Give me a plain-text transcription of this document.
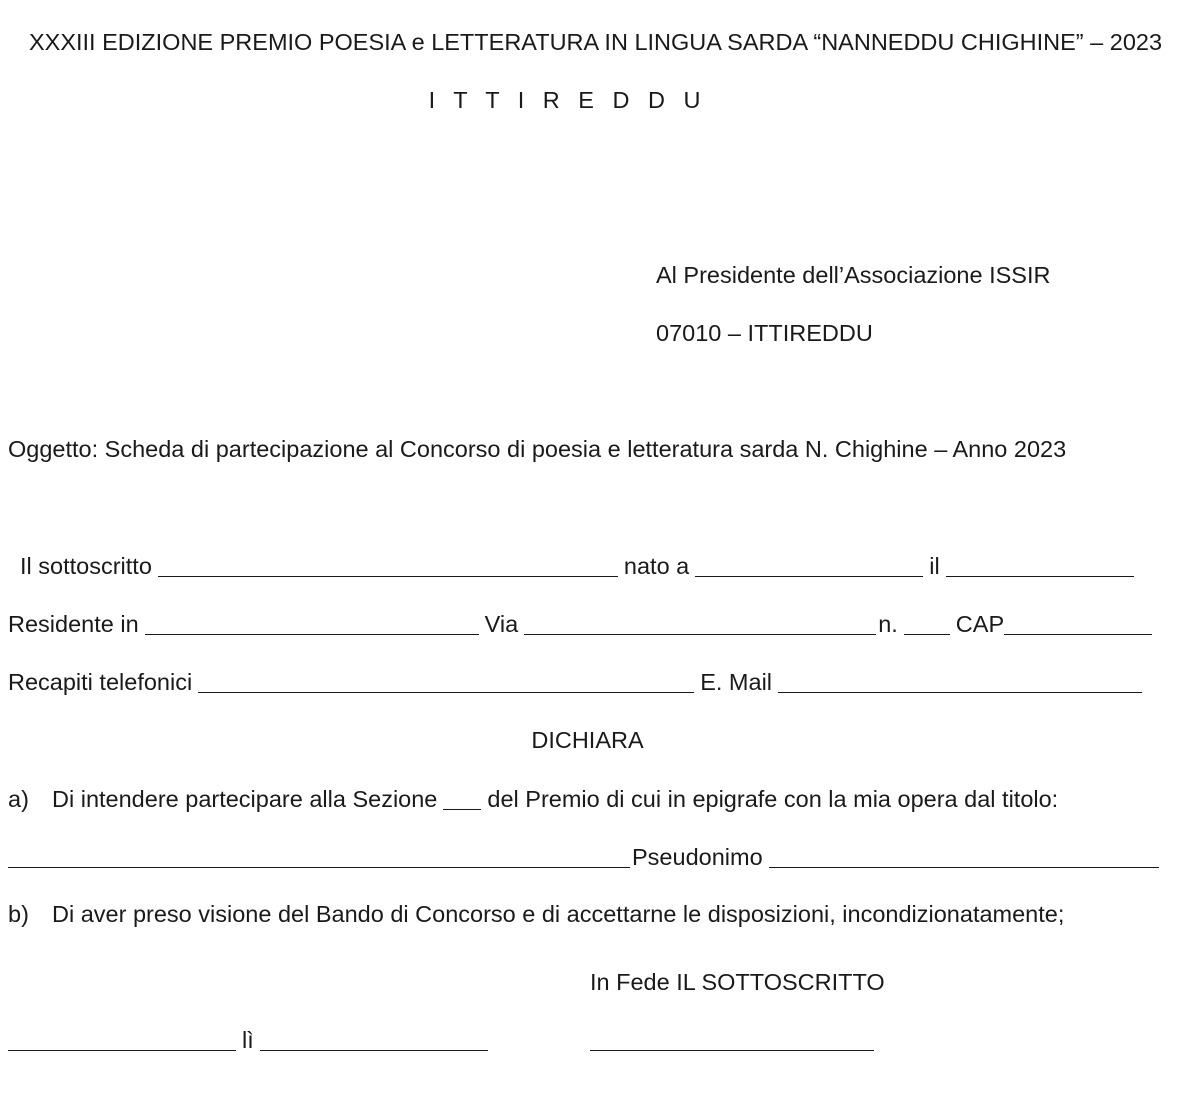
XXXIII EDIZIONE PREMIO POESIA e LETTERATURA IN LINGUA SARDA “NANNEDDU CHIGHINE” – 2023
I T T I R E D D U
Al Presidente dell’Associazione ISSIR
07010 – ITTIREDDU
Oggetto: Scheda di partecipazione al Concorso di poesia e letteratura sarda N. Chighine – Anno 2023
Il sottoscritto	nato a	il
Residente in	Via	n. CAP
Recapiti telefonici	E. Mail
DICHIARA
a) Di intendere partecipare alla Sezione del Premio di cui in epigrafe con la mia opera dal titolo:
Pseudonimo
b) Di aver preso visione del Bando di Concorso e di accettarne le disposizioni, incondizionatamente;
In Fede IL SOTTOSCRITTO
lì
